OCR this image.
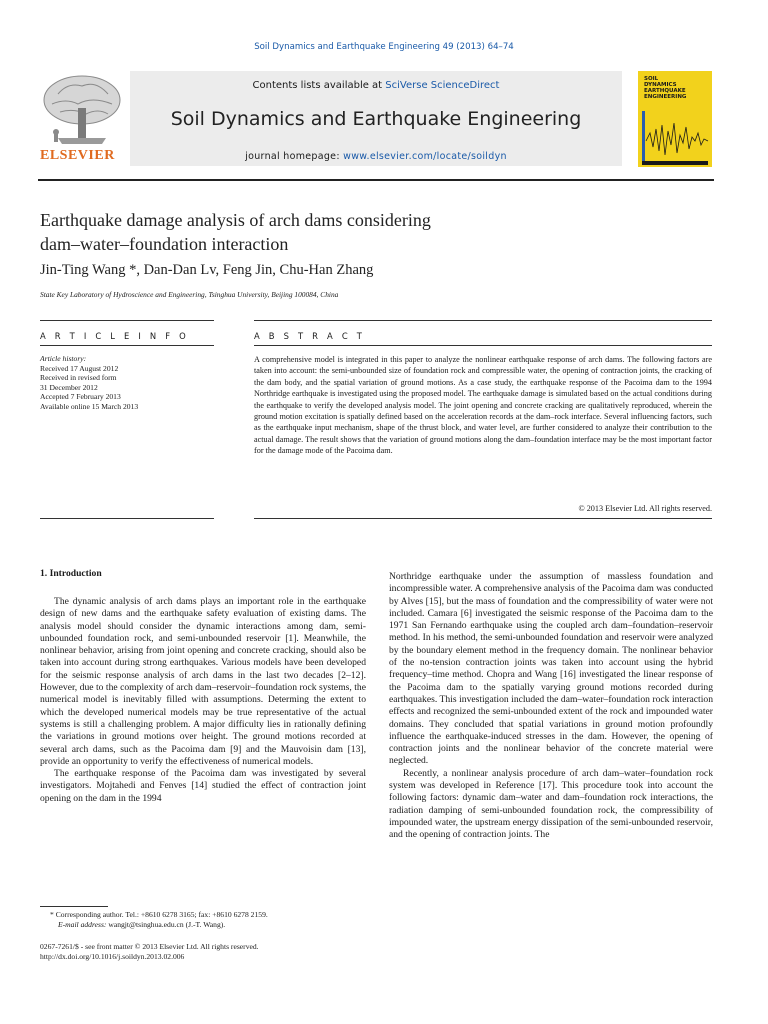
Soil Dynamics and Earthquake Engineering 49 (2013) 64–74
ELSEVIER
Contents lists available at SciVerse ScienceDirect
Soil Dynamics and Earthquake Engineering
journal homepage: www.elsevier.com/locate/soildyn
SOIL
DYNAMICS
EARTHQUAKE
ENGINEERING
Earthquake damage analysis of arch dams considering
dam–water–foundation interaction
Jin-Ting Wang *, Dan-Dan Lv, Feng Jin, Chu-Han Zhang
State Key Laboratory of Hydroscience and Engineering, Tsinghua University, Beijing 100084, China
A R T I C L E I N F O	A B S T R A C T
Article history:
Received 17 August 2012
Received in revised form
31 December 2012
Accepted 7 February 2013
Available online 15 March 2013
A comprehensive model is integrated in this paper to analyze the nonlinear earthquake response of arch dams. The following factors are taken into account: the semi-unbounded size of foundation rock and compressible water, the opening of contraction joints, the cracking of the dam body, and the spatial variation of ground motions. As a case study, the earthquake response of the Pacoima dam to the 1994 Northridge earthquake is investigated using the proposed model. The earthquake damage is simulated based on the actual conditions during the earthquake to verify the developed analysis model. The joint opening and concrete cracking are qualitatively reproduced, wherein the ground motion excitation is spatially defined based on the acceleration records at the dam–rock interface. Several influencing factors, such as the earthquake input mechanism, shape of the thrust block, and water level, are further considered to analyze their contribution to the actual damage. The result shows that the variation of ground motions along the dam–foundation interface may be the most important factor for the damage mode of the Pacoima dam.
© 2013 Elsevier Ltd. All rights reserved.
1. Introduction

The dynamic analysis of arch dams plays an important role in the earthquake design of new dams and the earthquake safety evaluation of existing dams. The analysis model should consider the dynamic interactions among dam, semi-unbounded foundation rock, and semi-unbounded reservoir [1]. Meanwhile, the nonlinear behavior, arising from joint opening and concrete cracking, should also be taken into account during strong earthquakes. Various models have been developed for the seismic response analysis of arch dams in the last two decades [2–12]. However, due to the complexity of arch dam–reservoir–foundation rock systems, the numerical model is inevitably filled with assumptions. Determing the extent to which the developed numerical models may be true representative of the actual systems is still a challenging problem. A major difficulty lies in rationally defining the variations in ground motions over height. The ground motions recorded at several arch dams, such as the Pacoima dam [9] and the Mauvoisin dam [13], provide an opportunity to verify the effectiveness of numerical models.

The earthquake response of the Pacoima dam was investigated by several investigators. Mojtahedi and Fenves [14] studied the effect of contraction joint opening on the dam in the 1994

Northridge earthquake under the assumption of massless foundation and incompressible water. A comprehensive analysis of the Pacoima dam was conducted by Alves [15], but the mass of foundation and the compressibility of water were not included. Camara [6] investigated the seismic response of the Pacoima dam to the 1971 San Fernando earthquake using the coupled arch dam–foundation–reservoir method. In his method, the semi-unbounded foundation and reservoir were analyzed by the boundary element method in the frequency domain. The nonlinear behavior of the no-tension contraction joints was taken into account using the hybrid frequency–time method. Chopra and Wang [16] investigated the linear response of the Pacoima dam to the spatially varying ground motions recorded during earthquakes. This investigation included the dam–water–foundation rock interaction effects and recognized the semi-unbounded extent of the rock and impounded water domains. They concluded that spatial variations in ground motion profoundly influence the earthquake-induced stresses in the dam. However, the opening of contraction joints and the nonlinear behavior of the concrete material were neglected.

Recently, a nonlinear analysis procedure of arch dam–water–foundation rock system was developed in Reference [17]. This procedure took into account the following factors: dynamic dam–water and dam–foundation rock interactions, the radiation damping of semi-unbounded foundation rock, the compressibility of impounded water, the upstream energy dissipation of the semi-unbounded reservoir, and the opening of contraction joints. The

* Corresponding author. Tel.: +8610 6278 3165; fax: +8610 6278 2159.
E-mail address: wangjt@tsinghua.edu.cn (J.-T. Wang).
0267-7261/$ - see front matter © 2013 Elsevier Ltd. All rights reserved.
http://dx.doi.org/10.1016/j.soildyn.2013.02.006
